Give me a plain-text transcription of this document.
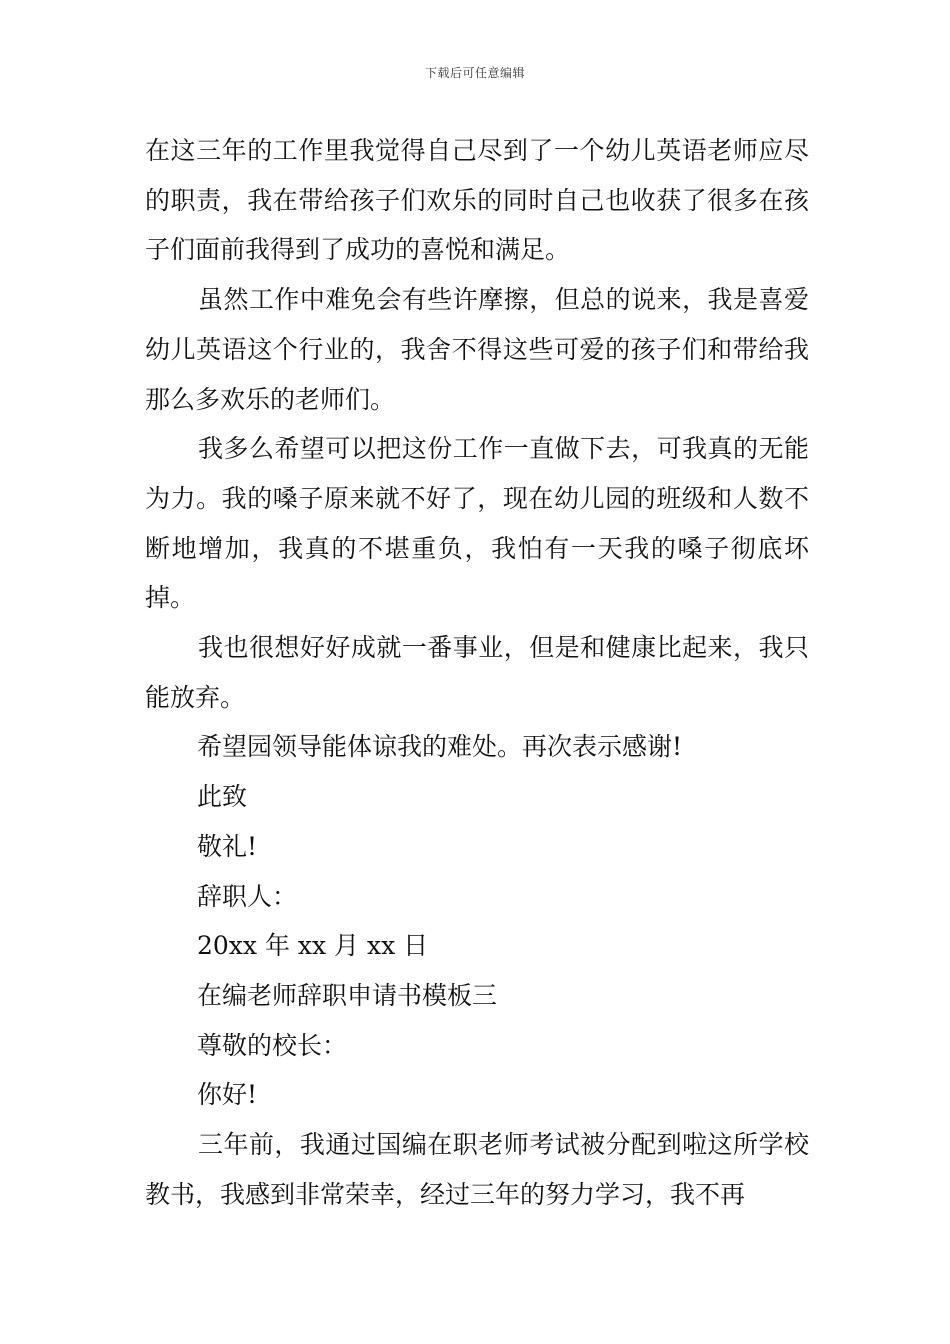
下载后可任意编辑

在这三年的工作里我觉得自己尽到了一个幼儿英语老师应尽的职责，我在带给孩子们欢乐的同时自己也收获了很多在孩子们面前我得到了成功的喜悦和满足。

虽然工作中难免会有些许摩擦，但总的说来，我是喜爱幼儿英语这个行业的，我舍不得这些可爱的孩子们和带给我那么多欢乐的老师们。

我多么希望可以把这份工作一直做下去，可我真的无能为力。我的嗓子原来就不好了，现在幼儿园的班级和人数不断地增加，我真的不堪重负，我怕有一天我的嗓子彻底坏掉。

我也很想好好成就一番事业，但是和健康比起来，我只能放弃。

希望园领导能体谅我的难处。再次表示感谢!

此致

敬礼!

辞职人：

20xx 年 xx 月 xx 日

在编老师辞职申请书模板三

尊敬的校长：

你好!

三年前，我通过国编在职老师考试被分配到啦这所学校教书，我感到非常荣幸，经过三年的努力学习，我不再
